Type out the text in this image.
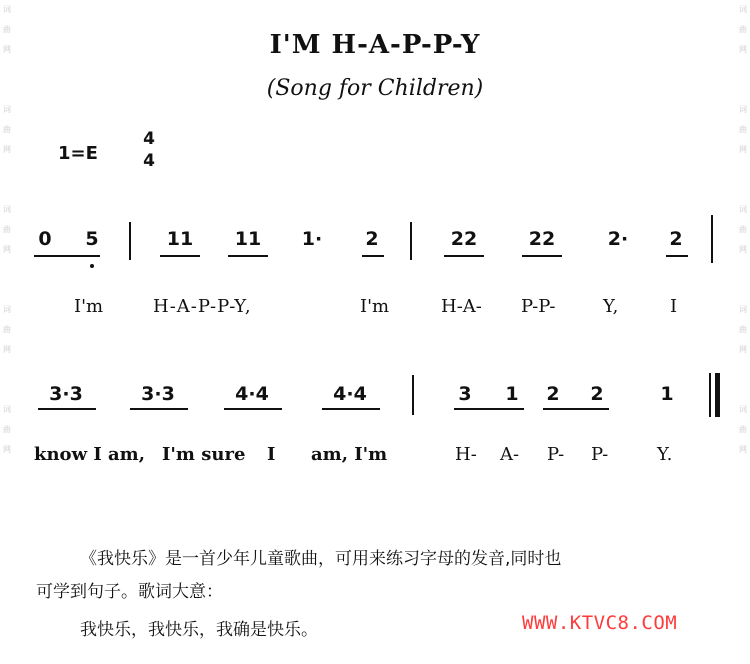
词
曲
网
词
曲
网
词
曲
网
词
曲
网
词
曲
网
词
曲
网
词
曲
网
词
曲
网
词
曲
网
词
曲
网
I'M H-A-P-P-Y
(Song for Children)
1=E
4
4
0	5	11	11	1·	2	22	22	2·	2
I'm	H-A-P-P-Y,	I'm	H-A- P-P-	Y,	I
3·3	3·3	4·4	4·4	3	1	2	2	1
know I am, I'm sure I am, I'm	H- A- P- P-	Y.
《我快乐》是一首少年儿童歌曲，可用来练习字母的发音,同时也
可学到句子。歌词大意：
我快乐，我快乐，我确是快乐。	WWW.KTVC8.COM
